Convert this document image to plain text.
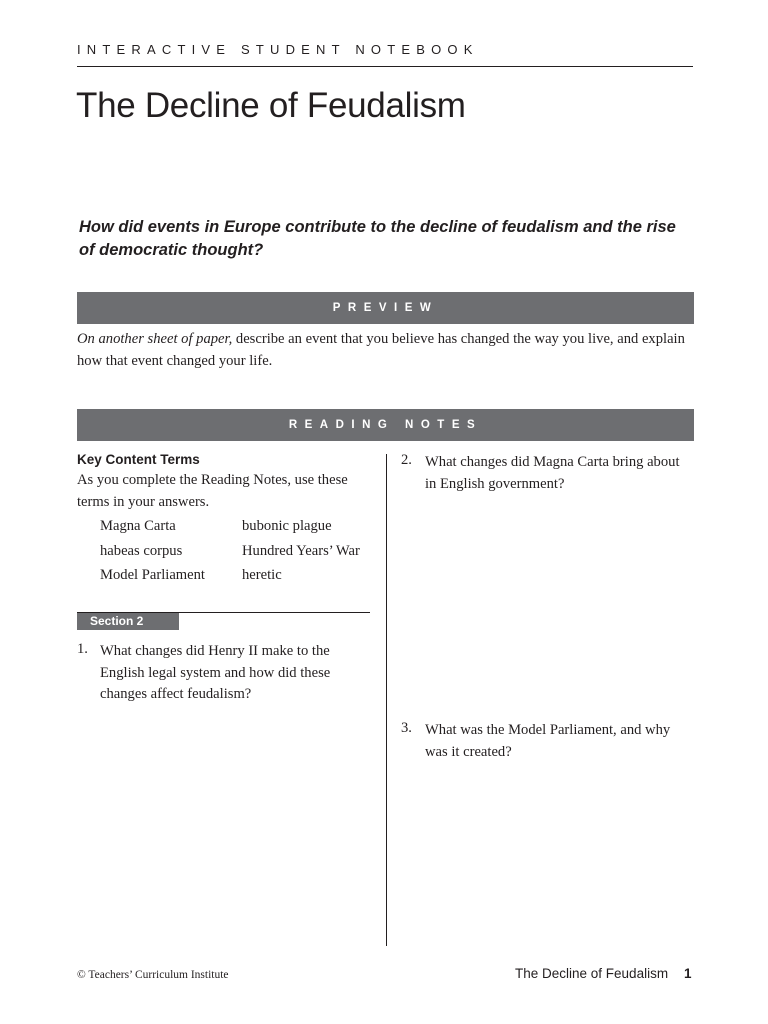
INTERACTIVE STUDENT NOTEBOOK
The Decline of Feudalism
How did events in Europe contribute to the decline of feudalism and the rise of democratic thought?
PREVIEW
On another sheet of paper, describe an event that you believe has changed the way you live, and explain how that event changed your life.
READING NOTES
Key Content Terms
As you complete the Reading Notes, use these terms in your answers.
Magna Carta	bubonic plague
habeas corpus	Hundred Years’ War
Model Parliament	heretic
Section 2
1. What changes did Henry II make to the English legal system and how did these changes affect feudalism?
2. What changes did Magna Carta bring about in English government?
3. What was the Model Parliament, and why was it created?
© Teachers’ Curriculum Institute	The Decline of Feudalism 1
